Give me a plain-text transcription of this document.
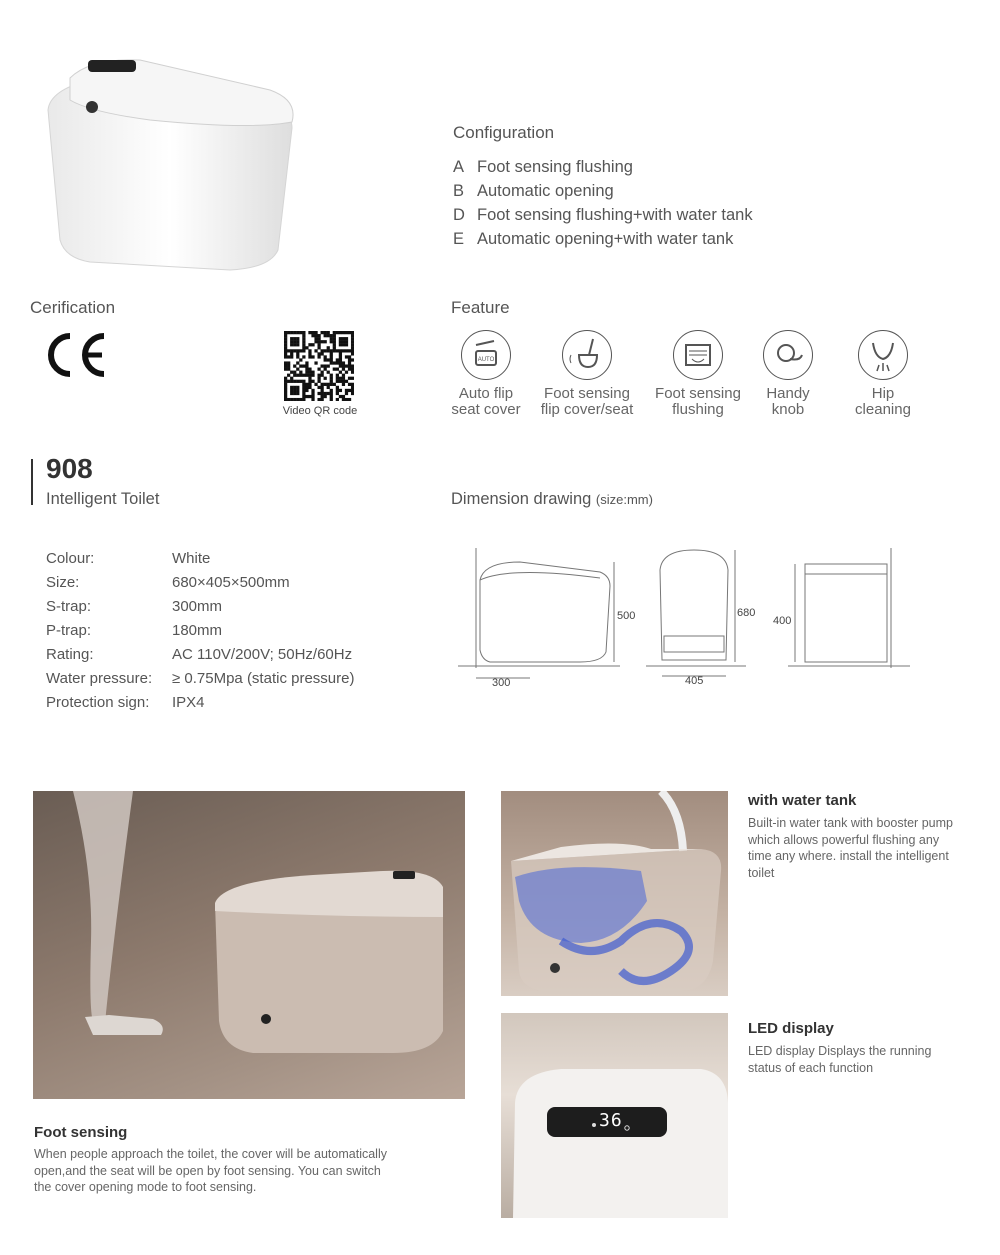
Configuration
A Foot sensing flushing
B Automatic opening
D Foot sensing flushing+with water tank
E Automatic opening+with water tank
Cerification
Video QR code
Feature
AUTO
Auto flip
seat cover
Foot sensing
flip cover/seat
Foot sensing
flushing
Handy
knob
Hip
cleaning
908
Intelligent Toilet
Colour:	White
Size:	680×405×500mm
S-trap:	300mm
P-trap:	180mm
Rating:	AC 110V/200V; 50Hz/60Hz
Water pressure: ≥ 0.75Mpa (static pressure)
Protection sign: IPX4
Dimension drawing (size:mm)
500
300
680
405
400
Foot sensing
When people approach the toilet, the cover will be automatically
open,and the seat will be open by foot sensing. You can switch
the cover opening mode to foot sensing.
with water tank
Built-in water tank with booster pump
which allows powerful flushing any
time any where. install the intelligent
toilet
36
LED display
LED display Displays the running
status of each function
